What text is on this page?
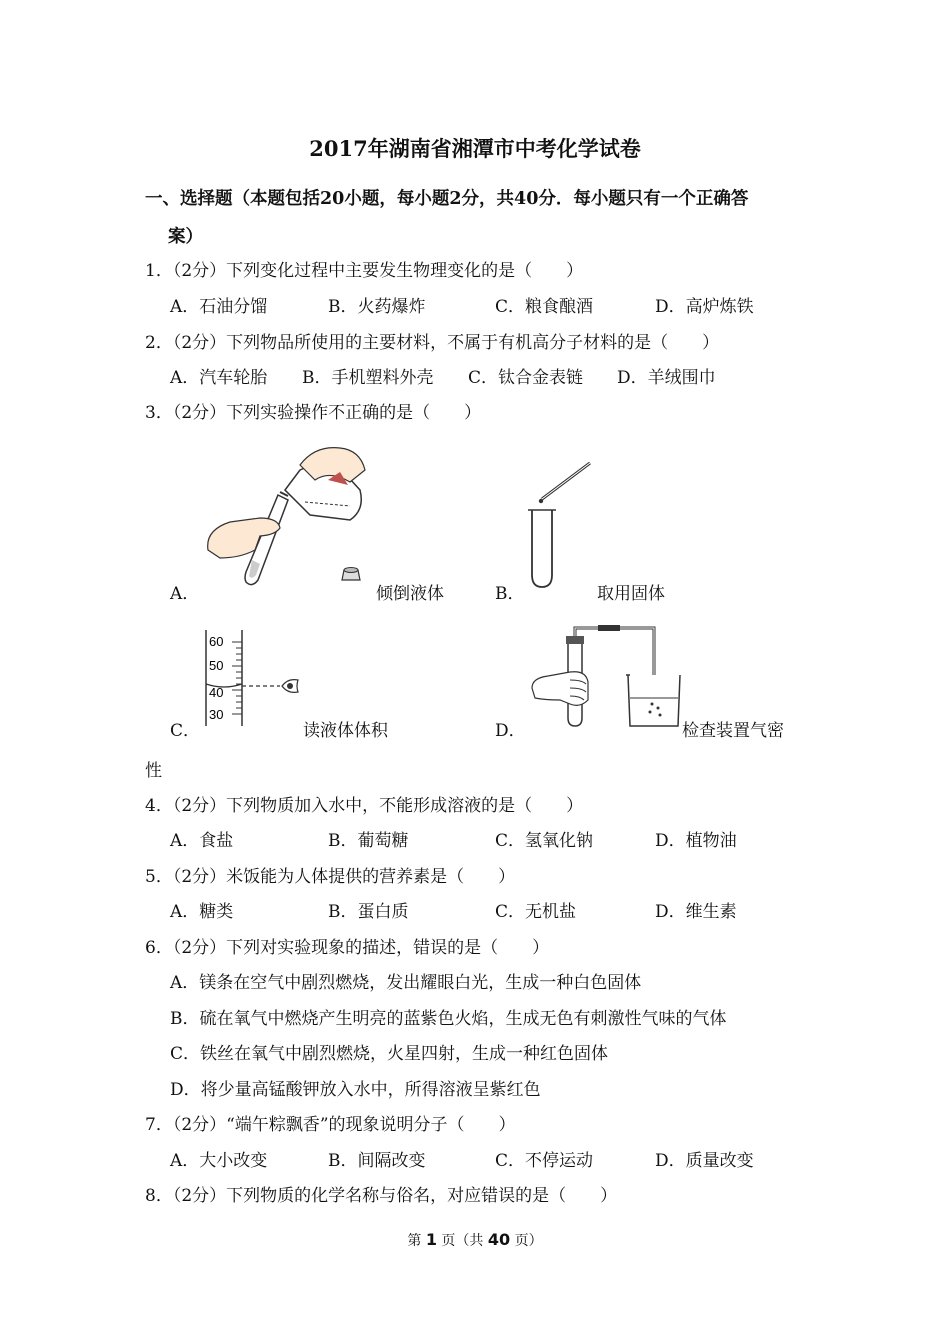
2017年湖南省湘潭市中考化学试卷
一、选择题（本题包括20小题，每小题2分，共40分．每小题只有一个正确答
案）
1．（2分）下列变化过程中主要发生物理变化的是（　　）
A．石油分馏	B．火药爆炸	C．粮食酿酒	D．高炉炼铁
2．（2分）下列物品所使用的主要材料，不属于有机高分子材料的是（　　）
A．汽车轮胎 B．手机塑料外壳 C．钛合金表链 D．羊绒围巾
3．（2分）下列实验操作不正确的是（　　）
A．	倾倒液体	B．	取用固体
60
50
40
30
C．	读液体体积	D．	检查装置气密
性
4．（2分）下列物质加入水中，不能形成溶液的是（　　）
A．食盐	B．葡萄糖	C．氢氧化钠	D．植物油
5．（2分）米饭能为人体提供的营养素是（　　）
A．糖类	B．蛋白质	C．无机盐	D．维生素
6．（2分）下列对实验现象的描述，错误的是（　　）
A．镁条在空气中剧烈燃烧，发出耀眼白光，生成一种白色固体
B．硫在氧气中燃烧产生明亮的蓝紫色火焰，生成无色有刺激性气味的气体
C．铁丝在氧气中剧烈燃烧，火星四射，生成一种红色固体
D．将少量高锰酸钾放入水中，所得溶液呈紫红色
7．（2分）“端午粽飘香”的现象说明分子（　　）
A．大小改变	B．间隔改变	C．不停运动	D．质量改变
8．（2分）下列物质的化学名称与俗名，对应错误的是（　　）
第 1 页（共 40 页）
